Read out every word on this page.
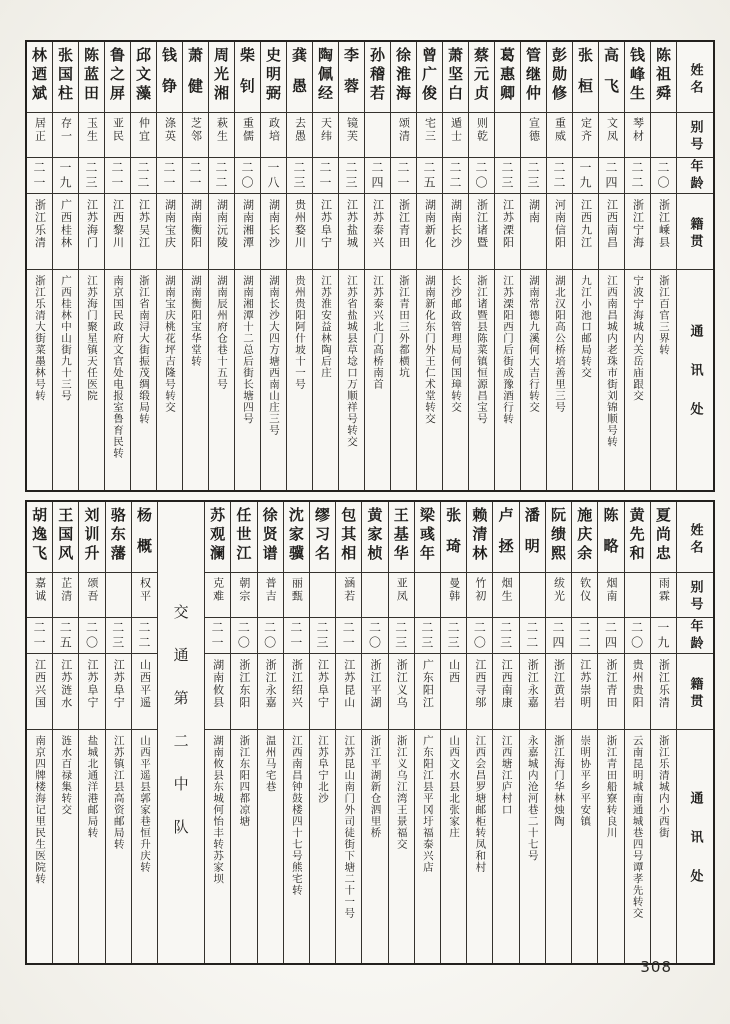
姓名
别号
年龄
籍贯
通讯处
陈祖舜
二〇
浙江嵊县
浙江百官三界转
钱峰生
琴材
二二
浙江宁海
宁波宁海城内关岳庙跟交
高飞
文凤
二四
江西南昌
江西南昌城内老珠市街刘锦顺号转
张桓
定齐
一九
江西九江
九江小池口邮局转交
彭勋修
重威
二二
河南信阳
湖北汉阳高公桥培善里三号
管继仲
宣德
二三
湖南
湖南常德九溪何大吉行转交
葛惠卿
二三
江苏溧阳
江苏溧阳西门后街成豫酒行转
蔡元贞
则乾
二〇
浙江诸暨
浙江诸暨县陈菜镇恒源昌宝号
萧坚白
遁士
二二
湖南长沙
长沙邮政管理局何国璋转交
曾广俊
宅三
二五
湖南新化
湖南新化东门外王仁术堂转交
徐淮海
颂清
二一
浙江青田
浙江青田三外都横坑
孙稽若
二四
江苏泰兴
江苏泰兴北门高桥南首
李蓉
镜芙
二三
江苏盐城
江苏省盐城县草埝口万顺祥号转交
陶佩经
天纬
二一
江苏阜宁
江苏淮安益林陶后庄
龚愚
去愚
二三
贵州婺川
贵州贵阳阿什坡十一号
史明弼
政培
一八
湖南长沙
湖南长沙大四方塘西南山庄三号
柴钊
重儒
二〇
湖南湘潭
湖南湘潭十二总后街长塘四号
周光湘
萩生
二二
湖南沅陵
湖南辰州府仓巷十五号
萧健
芝邻
二一
湖南衡阳
湖南衡阳宝华堂转
钱铮
涤英
二一
湖南宝庆
湖南宝庆桃花坪吉隆号转交
邱文藻
仲宜
二二
江苏吴江
浙江省南浔大街振茂绸缎局转
鲁之屏
亚民
二一
江西黎川
南京国民政府文官处电报室鲁育民转
陈蓝田
玉生
二三
江苏海门
江苏海门聚星镇天任医院
张国柱
存一
一九
广西桂林
广西桂林中山街九十三号
林迺斌
居正
二一
浙江乐清
浙江乐清大街菜墨林号转
姓名
别号
年龄
籍贯
通讯处
夏尚忠
雨霖
一九
浙江乐清
浙江乐清城内小西街
黄先和
二〇
贵州贵阳
云南昆明城南通城巷四号谭孝先转交
陈略
烟南
二四
浙江青田
浙江青田船寮转良川
施庆余
钦仪
二二
江苏崇明
崇明协平乡平安镇
阮缋熙
绂光
二四
浙江黄岩
浙江海门华林烛陶
潘明
二二
浙江永嘉
永嘉城内沧河巷二十七号
卢拯
烟生
二三
江西南康
江西塘江庐村口
赖清林
竹初
二〇
江西寻邬
江西会昌罗塘邮柜转凤和村
张琦
曼韩
二三
山西
山西文水县北张家庄
梁彧年
二三
广东阳江
广东阳江县平冈圩福泰兴店
王基华
亚凤
二三
浙江义乌
浙江义乌江湾王景福交
黄家桢
二〇
浙江平湖
浙江平湖新仓泗里桥
包其相
涵若
二一
江苏昆山
江苏昆山南门外司徒街下塘二十一号
缪习名
二三
江苏阜宁
江苏阜宁北沙
沈家骥
丽甄
二一
浙江绍兴
江西南昌钟鼓楼四十七号熊宅转
徐贤谱
普吉
二〇
浙江永嘉
温州马宅巷
任世江
朝宗
二〇
浙江东阳
浙江东阳四都凉塘
苏观澜
克难
二一
湖南攸县
湖南攸县东城何怡丰转苏家坝
交通第二中队
杨概
权平
二二
山西平遥
山西平遥县郭家巷恒升庆转
骆东藩
二三
江苏阜宁
江苏镇江县高资邮局转
刘训升
颂吾
二〇
江苏阜宁
盐城北通洋港邮局转
王国风
芷清
二五
江苏涟水
涟水百禄集转交
胡逸飞
嘉诚
二一
江西兴国
南京四牌楼海记里民生医院转
308
